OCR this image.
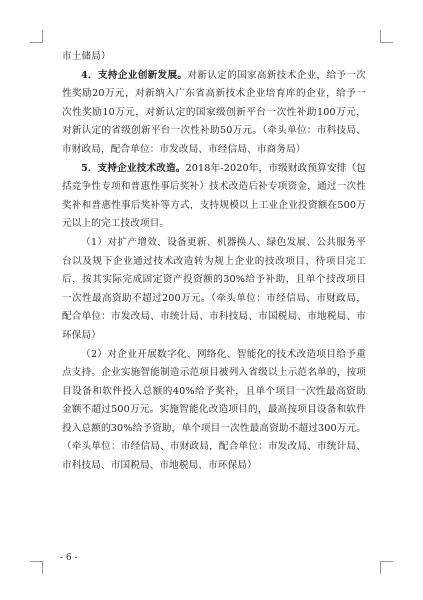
市土储局）

4．支持企业创新发展。对新认定的国家高新技术企业，给予一次性奖励20万元，对新纳入广东省高新技术企业培育库的企业，给予一次性奖励10万元，对新认定的国家级创新平台一次性补助100万元，对新认定的省级创新平台一次性补助50万元。（牵头单位：市科技局、市财政局，配合单位：市发改局、市经信局、市商务局）

5．支持企业技术改造。2018年-2020年，市级财政预算安排（包括竞争性专项和普惠性事后奖补）技术改造后补专项资金，通过一次性奖补和普惠性事后奖补等方式，支持规模以上工业企业投资额在500万元以上的完工技改项目。

（1）对扩产增效、设备更新、机器换人、绿色发展、公共服务平台以及规下企业通过技术改造转为规上企业的技改项目，待项目完工后，按其实际完成固定资产投资额的30%给予补助，且单个技改项目一次性最高资助不超过200万元。（牵头单位：市经信局、市财政局，配合单位：市发改局、市统计局、市科技局、市国税局、市地税局、市环保局）

（2）对企业开展数字化、网络化、智能化的技术改造项目给予重点支持。企业实施智能制造示范项目被列入省级以上示范名单的，按项目设备和软件投入总额的40%给予奖补，且单个项目一次性最高资助金额不超过500万元。实施智能化改造项目的，最高按项目设备和软件投入总额的30%给予资助，单个项目一次性最高资助不超过300万元。（牵头单位：市经信局、市财政局，配合单位：市发改局、市统计局、市科技局、市国税局、市地税局、市环保局）

- 6 -
